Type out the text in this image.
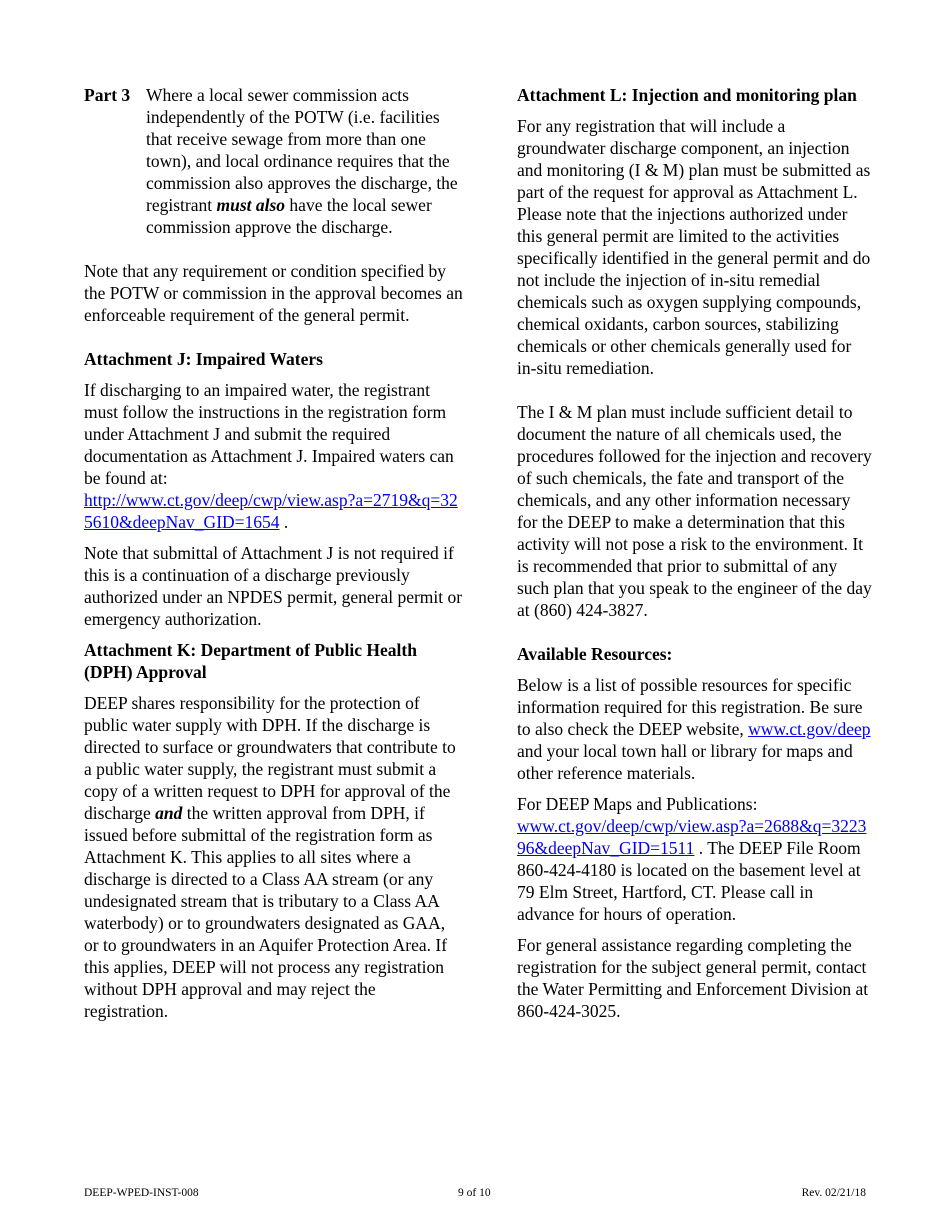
Part 3 Where a local sewer commission acts independently of the POTW (i.e. facilities that receive sewage from more than one town), and local ordinance requires that the commission also approves the discharge, the registrant must also have the local sewer commission approve the discharge.

Note that any requirement or condition specified by the POTW or commission in the approval becomes an enforceable requirement of the general permit.

Attachment J: Impaired Waters

If discharging to an impaired water, the registrant must follow the instructions in the registration form under Attachment J and submit the required documentation as Attachment J. Impaired waters can be found at:
http://www.ct.gov/deep/cwp/view.asp?a=2719&q=325610&deepNav_GID=1654 .

Note that submittal of Attachment J is not required if this is a continuation of a discharge previously authorized under an NPDES permit, general permit or emergency authorization.

Attachment K: Department of Public Health (DPH) Approval

DEEP shares responsibility for the protection of public water supply with DPH. If the discharge is directed to surface or groundwaters that contribute to a public water supply, the registrant must submit a copy of a written request to DPH for approval of the discharge and the written approval from DPH, if issued before submittal of the registration form as Attachment K. This applies to all sites where a discharge is directed to a Class AA stream (or any undesignated stream that is tributary to a Class AA waterbody) or to groundwaters designated as GAA, or to groundwaters in an Aquifer Protection Area. If this applies, DEEP will not process any registration without DPH approval and may reject the registration.

Attachment L: Injection and monitoring plan

For any registration that will include a groundwater discharge component, an injection and monitoring (I & M) plan must be submitted as part of the request for approval as Attachment L. Please note that the injections authorized under this general permit are limited to the activities specifically identified in the general permit and do not include the injection of in-situ remedial chemicals such as oxygen supplying compounds, chemical oxidants, carbon sources, stabilizing chemicals or other chemicals generally used for in-situ remediation.

The I & M plan must include sufficient detail to document the nature of all chemicals used, the procedures followed for the injection and recovery of such chemicals, the fate and transport of the chemicals, and any other information necessary for the DEEP to make a determination that this activity will not pose a risk to the environment. It is recommended that prior to submittal of any such plan that you speak to the engineer of the day at (860) 424-3827.

Available Resources:

Below is a list of possible resources for specific information required for this registration. Be sure to also check the DEEP website, www.ct.gov/deep and your local town hall or library for maps and other reference materials.

For DEEP Maps and Publications:
www.ct.gov/deep/cwp/view.asp?a=2688&q=322396&deepNav_GID=1511 . The DEEP File Room 860-424-4180 is located on the basement level at 79 Elm Street, Hartford, CT. Please call in advance for hours of operation.

For general assistance regarding completing the registration for the subject general permit, contact the Water Permitting and Enforcement Division at 860-424-3025.

DEEP-WPED-INST-008	9 of 10	Rev. 02/21/18
